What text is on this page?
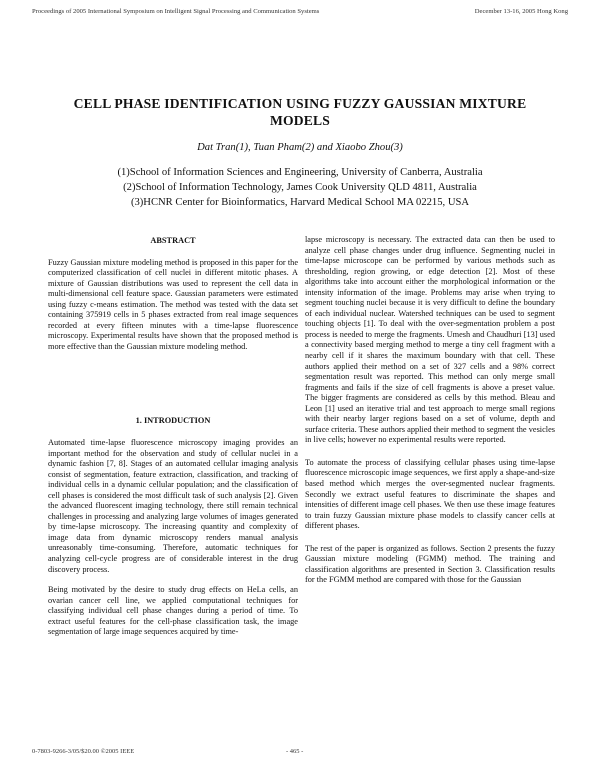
Proceedings of 2005 International Symposium on Intelligent Signal Processing and Communication Systems	December 13-16, 2005 Hong Kong
CELL PHASE IDENTIFICATION USING FUZZY GAUSSIAN MIXTURE MODELS
Dat Tran(1), Tuan Pham(2) and Xiaobo Zhou(3)
(1)School of Information Sciences and Engineering, University of Canberra, Australia
(2)School of Information Technology, James Cook University QLD 4811, Australia
(3)HCNR Center for Bioinformatics, Harvard Medical School MA 02215, USA
ABSTRACT

Fuzzy Gaussian mixture modeling method is proposed in this paper for the computerized classification of cell nuclei in different mitotic phases. A mixture of Gaussian distributions was used to represent the cell data in multi-dimensional cell feature space. Gaussian parameters were estimated using fuzzy c-means estimation. The method was tested with the data set containing 375919 cells in 5 phases extracted from real image sequences recorded at every fifteen minutes with a time-lapse fluorescence microscopy. Experimental results have shown that the proposed method is more effective than the Gaussian mixture modeling method.

1. INTRODUCTION

Automated time-lapse fluorescence microscopy imaging provides an important method for the observation and study of cellular nuclei in a dynamic fashion [7, 8]. Stages of an automated cellular imaging analysis consist of segmentation, feature extraction, classification, and tracking of individual cells in a dynamic cellular population; and the classification of cell phases is considered the most difficult task of such analysis [2]. Given the advanced fluorescent imaging technology, there still remain technical challenges in processing and analyzing large volumes of images generated by time-lapse microscopy. The increasing quantity and complexity of image data from dynamic microscopy renders manual analysis unreasonably time-consuming. Therefore, automatic techniques for analyzing cell-cycle progress are of considerable interest in the drug discovery process.

Being motivated by the desire to study drug effects on HeLa cells, an ovarian cancer cell line, we applied computational techniques for classifying individual cell phase changes during a period of time. To extract useful features for the cell-phase classification task, the image segmentation of large image sequences acquired by time-

lapse microscopy is necessary. The extracted data can then be used to analyze cell phase changes under drug influence. Segmenting nuclei in time-lapse microscope can be performed by various methods such as thresholding, region growing, or edge detection [2]. Most of these algorithms take into account either the morphological information or the intensity information of the image. Problems may arise when trying to segment touching nuclei because it is very difficult to define the boundary of each individual nuclear. Watershed techniques can be used to segment touching objects [1]. To deal with the over-segmentation problem a post process is needed to merge the fragments. Umesh and Chaudhuri [13] used a connectivity based merging method to merge a tiny cell fragment with a nearby cell if it shares the maximum boundary with that cell. These authors applied their method on a set of 327 cells and a 98% correct segmentation result was reported. This method can only merge small fragments and fails if the size of cell fragments is above a preset value. The bigger fragments are considered as cells by this method. Bleau and Leon [1] used an iterative trial and test approach to merge small regions with their nearby larger regions based on a set of volume, depth and surface criteria. These authors applied their method to segment the vesicles in live cells; however no experimental results were reported.

To automate the process of classifying cellular phases using time-lapse fluorescence microscopic image sequences, we first apply a shape-and-size based method which merges the over-segmented nuclear fragments. Secondly we extract useful features to discriminate the shapes and intensities of different image cell phases. We then use these image features to train fuzzy Gaussian mixture phase models to classify cancer cells at different phases.

The rest of the paper is organized as follows. Section 2 presents the fuzzy Gaussian mixture modeling (FGMM) method. The training and classification algorithms are presented in Section 3. Classification results for the FGMM method are compared with those for the Gaussian

0-7803-9266-3/05/$20.00 ©2005 IEEE	- 465 -
